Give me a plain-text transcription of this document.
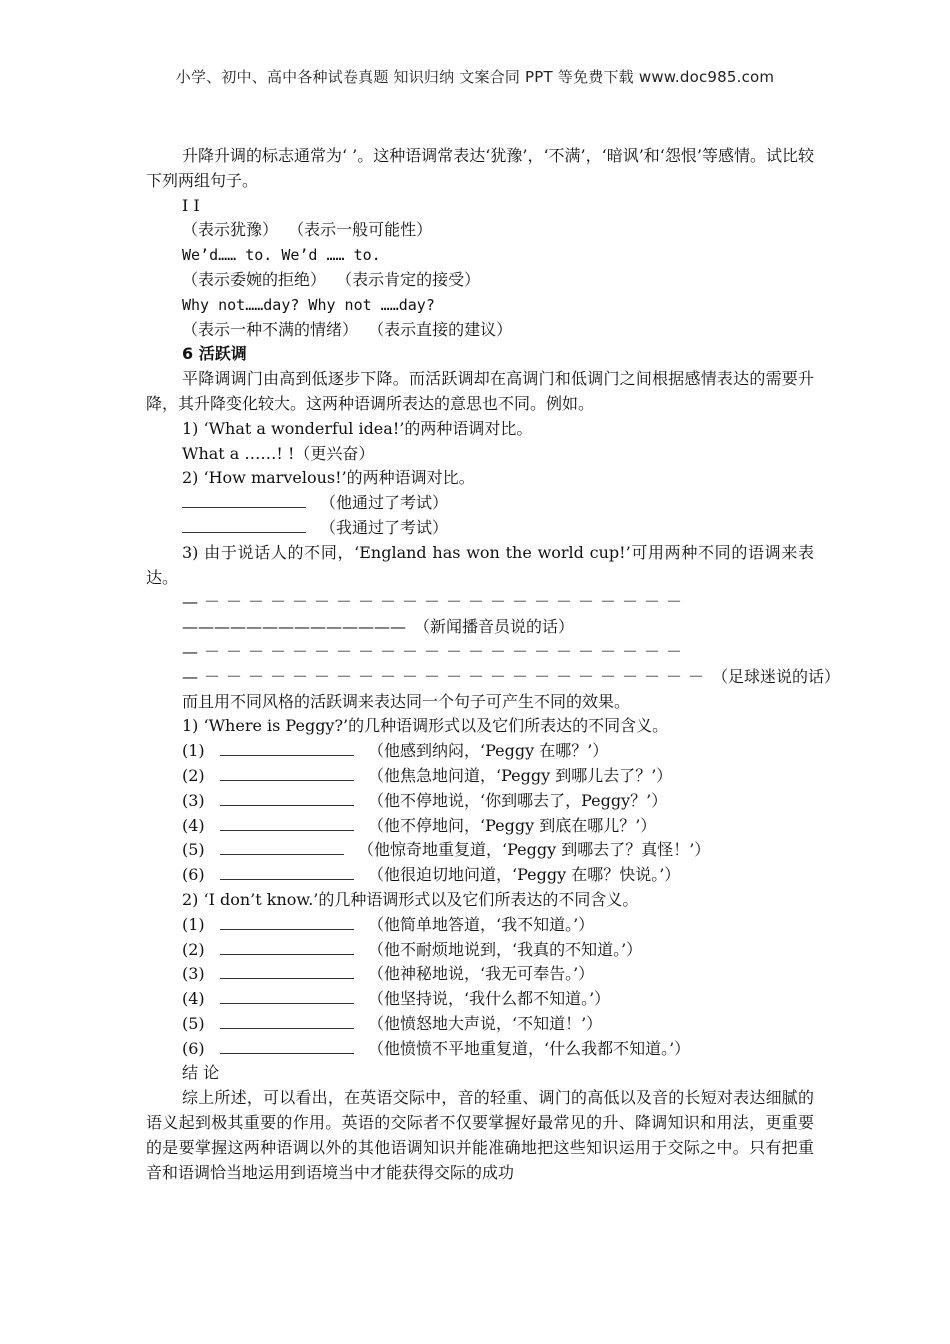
小学、初中、高中各种试卷真题 知识归纳 文案合同 PPT 等免费下载 www.doc985.com
升降升调的标志通常为‘ ’。这种语调常表达‘犹豫’，‘不满’，‘暗讽’和‘怨恨’等感情。试比较下列两组句子。
I I
（表示犹豫）  （表示一般可能性）
We’d…… to. We’d …… to.
（表示委婉的拒绝）  （表示肯定的接受）
Why not……day? Why not ……day?
（表示一种不满的情绪）  （表示直接的建议）
6 活跃调
平降调调门由高到低逐步下降。而活跃调却在高调门和低调门之间根据感情表达的需要升降，其升降变化较大。这两种语调所表达的意思也不同。例如。
1) ‘What a wonderful idea!’的两种语调对比。
What a ……! !（更兴奋）
2) ‘How marvelous!’的两种语调对比。
（他通过了考试）
（我通过了考试）
3) 由于说话人的不同，‘England has won the world cup!’可用两种不同的语调来表达。
—－－－－－－－－－－－－－－－－－－－－－－
—————————————— （新闻播音员说的话）
—－－－－－－－－－－－－－－－－－－－－－－
—－－－－－－－－－－－－－－－－－－－－－－－ （足球迷说的话）
而且用不同风格的活跃调来表达同一个句子可产生不同的效果。
1) ‘Where is Peggy?’的几种语调形式以及它们所表达的不同含义。
(1)	（他感到纳闷，‘Peggy 在哪？’）
(2)	（他焦急地问道，‘Peggy 到哪儿去了？’）
(3)	（他不停地说，‘你到哪去了，Peggy？’）
(4)	（他不停地问，‘Peggy 到底在哪儿？’）
(5)	（他惊奇地重复道，‘Peggy 到哪去了？真怪！’）
(6)	（他很迫切地问道，‘Peggy 在哪？快说。’）
2) ‘I don’t know.’的几种语调形式以及它们所表达的不同含义。
(1)	（他简单地答道，‘我不知道。’）
(2)	（他不耐烦地说到，‘我真的不知道。’）
(3)	（他神秘地说，‘我无可奉告。’）
(4)	（他坚持说，‘我什么都不知道。’）
(5)	（他愤怒地大声说，‘不知道！’）
(6)	（他愤愤不平地重复道，‘什么我都不知道。’）
结 论
综上所述，可以看出，在英语交际中，音的轻重、调门的高低以及音的长短对表达细腻的语义起到极其重要的作用。英语的交际者不仅要掌握好最常见的升、降调知识和用法，更重要的是要掌握这两种语调以外的其他语调知识并能准确地把这些知识运用于交际之中。只有把重音和语调恰当地运用到语境当中才能获得交际的成功
